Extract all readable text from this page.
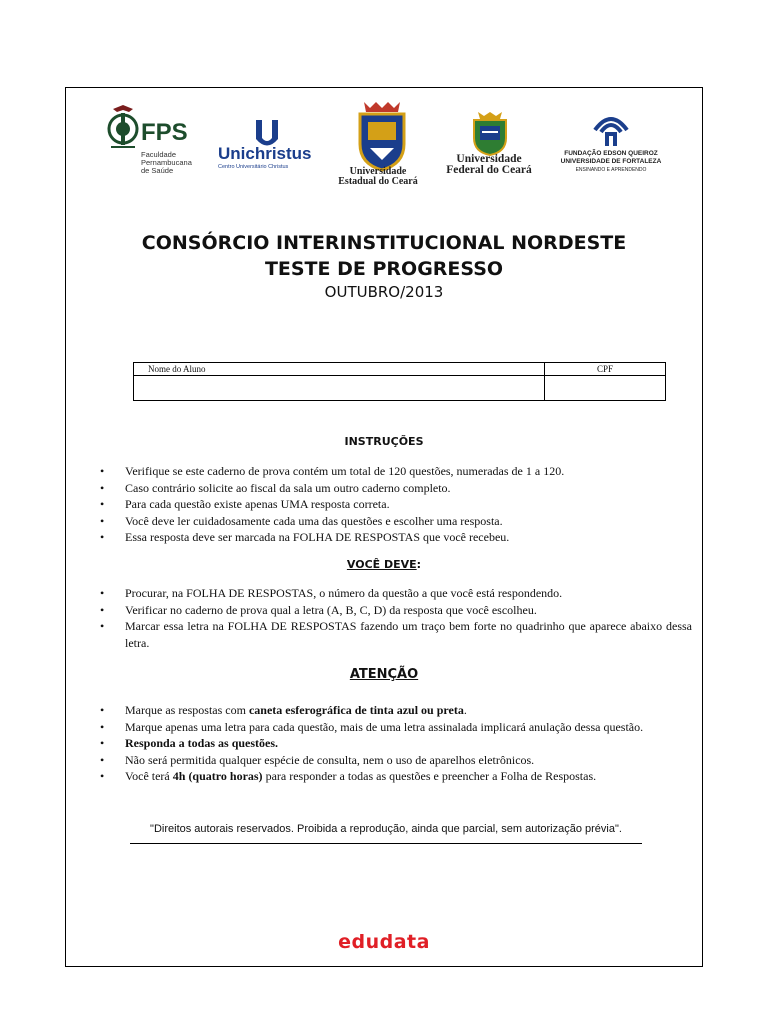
FPS
Faculdade Pernambucana de Saúde
Unichristus
Centro Universitário Christus	Universidade
Estadual do Ceará
Universidade
Federal do Ceará
FUNDAÇÃO EDSON QUEIROZ
UNIVERSIDADE DE FORTALEZA
ENSINANDO E APRENDENDO
CONSÓRCIO INTERINSTITUCIONAL NORDESTE
TESTE DE PROGRESSO
OUTUBRO/2013
Nome do Aluno	CPF

INSTRUÇÕES
• Verifique se este caderno de prova contém um total de 120 questões, numeradas de 1 a 120.
• Caso contrário solicite ao fiscal da sala um outro caderno completo.
• Para cada questão existe apenas UMA resposta correta.
• Você deve ler cuidadosamente cada uma das questões e escolher uma resposta.
• Essa resposta deve ser marcada na FOLHA DE RESPOSTAS que você recebeu.
VOCÊ DEVE:
• Procurar, na FOLHA DE RESPOSTAS, o número da questão a que você está respondendo.
• Verificar no caderno de prova qual a letra (A, B, C, D) da resposta que você escolheu.
• Marcar essa letra na FOLHA DE RESPOSTAS fazendo um traço bem forte no quadrinho que aparece abaixo dessa letra.
ATENÇÃO
• Marque as respostas com caneta esferográfica de tinta azul ou preta.
• Marque apenas uma letra para cada questão, mais de uma letra assinalada implicará anulação dessa questão.
• Responda a todas as questões.
• Não será permitida qualquer espécie de consulta, nem o uso de aparelhos eletrônicos.
• Você terá 4h (quatro horas) para responder a todas as questões e preencher a Folha de Respostas.
"Direitos autorais reservados. Proibida a reprodução, ainda que parcial, sem autorização prévia".
edudata
